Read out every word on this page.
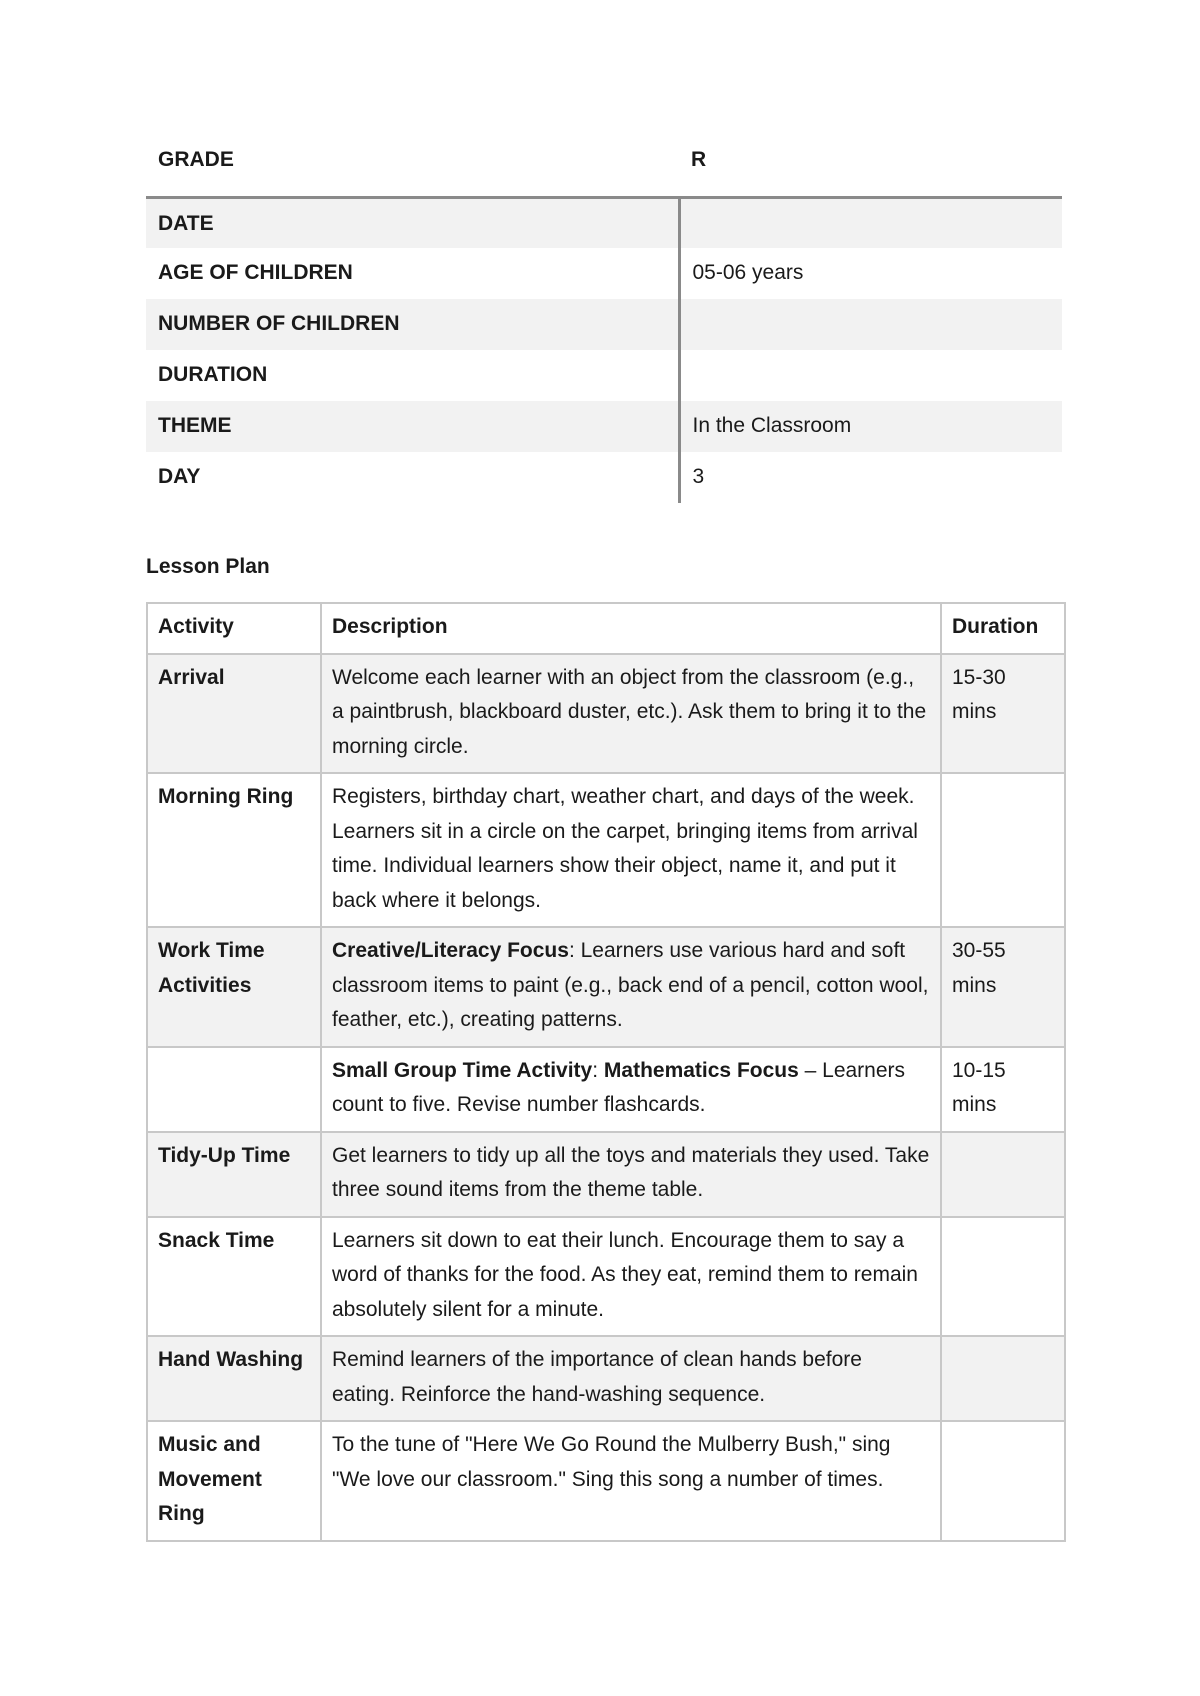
GRADE	R
DATE	
AGE OF CHILDREN	05-06 years
NUMBER OF CHILDREN	
DURATION	
THEME	In the Classroom
DAY	3

Lesson Plan

Activity	Description	Duration
Arrival	Welcome each learner with an object from the classroom (e.g., a paintbrush, blackboard duster, etc.). Ask them to bring it to the morning circle.	15-30 mins
Morning Ring	Registers, birthday chart, weather chart, and days of the week. Learners sit in a circle on the carpet, bringing items from arrival time. Individual learners show their object, name it, and put it back where it belongs.	
Work Time Activities	Creative/Literacy Focus: Learners use various hard and soft classroom items to paint (e.g., back end of a pencil, cotton wool, feather, etc.), creating patterns.	30-55 mins
	Small Group Time Activity: Mathematics Focus – Learners count to five. Revise number flashcards.	10-15 mins
Tidy-Up Time	Get learners to tidy up all the toys and materials they used. Take three sound items from the theme table.	
Snack Time	Learners sit down to eat their lunch. Encourage them to say a word of thanks for the food. As they eat, remind them to remain absolutely silent for a minute.	
Hand Washing	Remind learners of the importance of clean hands before eating. Reinforce the hand-washing sequence.	
Music and Movement Ring	To the tune of "Here We Go Round the Mulberry Bush," sing "We love our classroom." Sing this song a number of times.	
